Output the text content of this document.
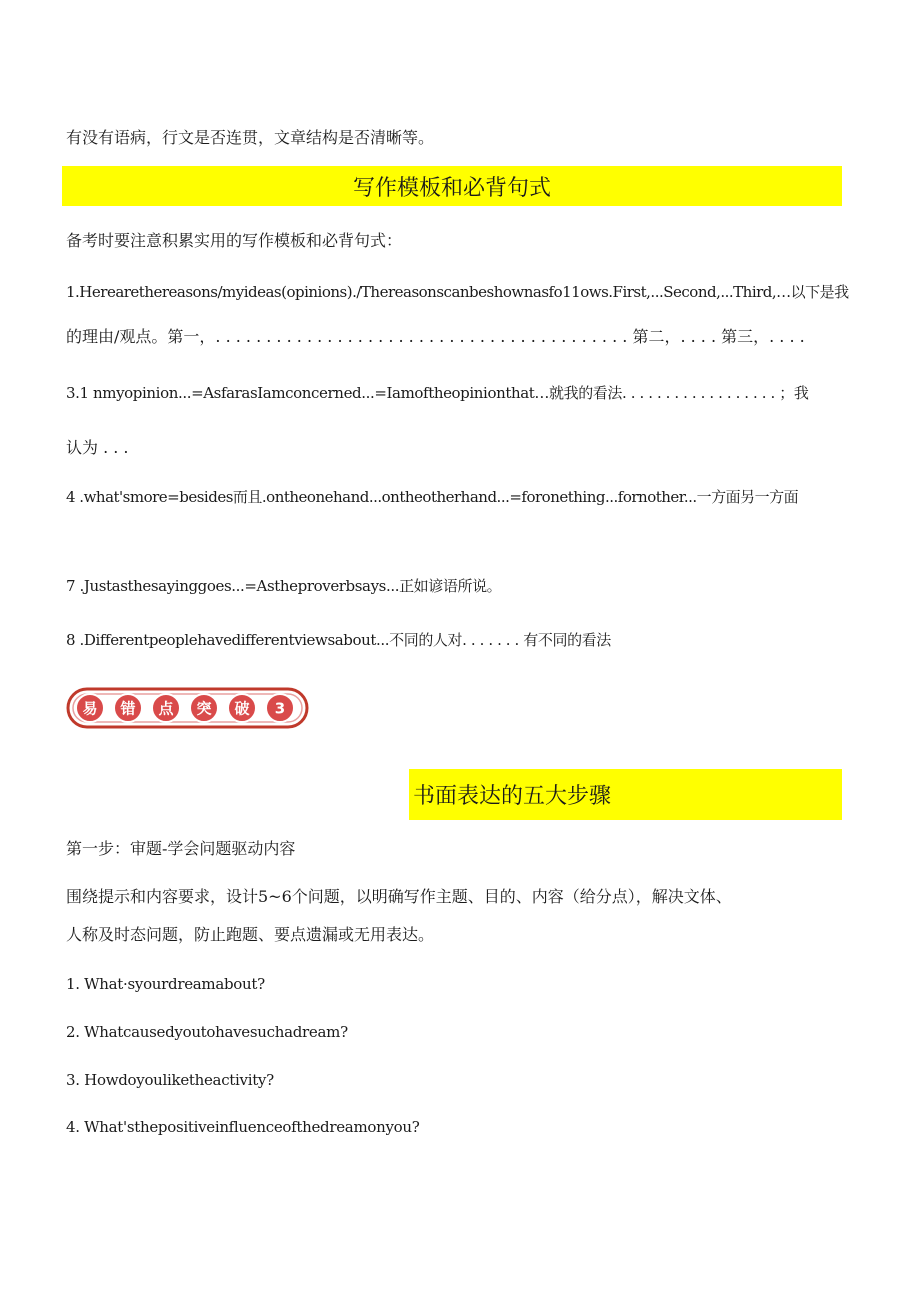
有没有语病，行文是否连贯，文章结构是否清晰等。
写作模板和必背句式
备考时要注意积累实用的写作模板和必背句式：
1.Herearethereasons/myideas(opinions)./Thereasonscanbeshownasfo11ows.First,...Second,...Third,…以下是我
的理由/观点。第一，. . . . . . . . . . . . . . . . . . . . . . . . . . . . . . . . . . . . . . . . . 第二，. . . . 第三，. . . .
3.1 nmyopinion...=AsfarasIamconcerned...=Iamoftheopinionthat…就我的看法. . . . . . . . . . . . . . . . . . ；我
认为 . . .
4 .what'smore=besides而且.ontheonehand...ontheotherhand...=foronething...fornother...一方面另一方面
7 .Justasthesayinggoes...=Astheproverbsays...正如谚语所说。
8 .Differentpeoplehavedifferentviewsabout...不同的人对. . . . . . . 有不同的看法
易 错 点 突 破 3
书面表达的五大步骤
第一步：审题-学会问题驱动内容
围绕提示和内容要求，设计5~6个问题，以明确写作主题、目的、内容（给分点），解决文体、
人称及时态问题，防止跑题、要点遗漏或无用表达。
1. What·syourdreamabout?
2. Whatcausedyoutohavesuchadream?
3. Howdoyouliketheactivity?
4. What'sthepositiveinfluenceofthedreamonyou?
